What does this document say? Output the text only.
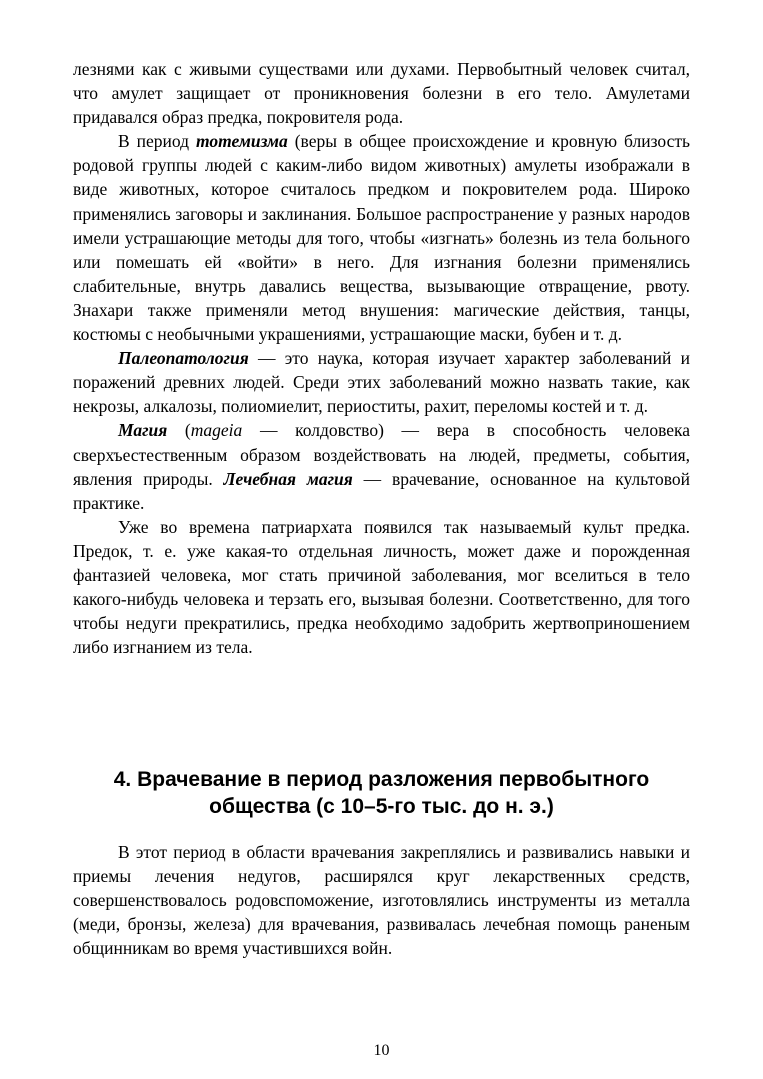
лезнями как с живыми существами или духами. Первобытный человек считал, что амулет защищает от проникновения болезни в его тело. Амулетами придавался образ предка, покровителя рода.

В период тотемизма (веры в общее происхождение и кровную близость родовой группы людей с каким-либо видом животных) амулеты изображали в виде животных, которое считалось предком и покровителем рода. Широко применялись заговоры и заклинания. Большое распространение у разных народов имели устрашающие методы для того, чтобы «изгнать» болезнь из тела больного или помешать ей «войти» в него. Для изгнания болезни применялись слабительные, внутрь давались вещества, вызывающие отвращение, рвоту. Знахари также применяли метод внушения: магические действия, танцы, костюмы с необычными украшениями, устрашающие маски, бубен и т. д.

Палеопатология — это наука, которая изучает характер заболеваний и поражений древних людей. Среди этих заболеваний можно назвать такие, как некрозы, алкалозы, полиомиелит, периоститы, рахит, переломы костей и т. д.

Магия (mageia — колдовство) — вера в способность человека сверхъестественным образом воздействовать на людей, предметы, события, явления природы. Лечебная магия — врачевание, основанное на культовой практике.

Уже во времена патриархата появился так называемый культ предка. Предок, т. е. уже какая-то отдельная личность, может даже и порожденная фантазией человека, мог стать причиной заболевания, мог вселиться в тело какого-нибудь человека и терзать его, вызывая болезни. Соответственно, для того чтобы недуги прекратились, предка необходимо задобрить жертвоприношением либо изгнанием из тела.

4. Врачевание в период разложения первобытного
общества (с 10–5-го тыс. до н. э.)

В этот период в области врачевания закреплялись и развивались навыки и приемы лечения недугов, расширялся круг лекарственных средств, совершенствовалось родовспоможение, изготовлялись инструменты из металла (меди, бронзы, железа) для врачевания, развивалась лечебная помощь раненым общинникам во время участившихся войн.

10
